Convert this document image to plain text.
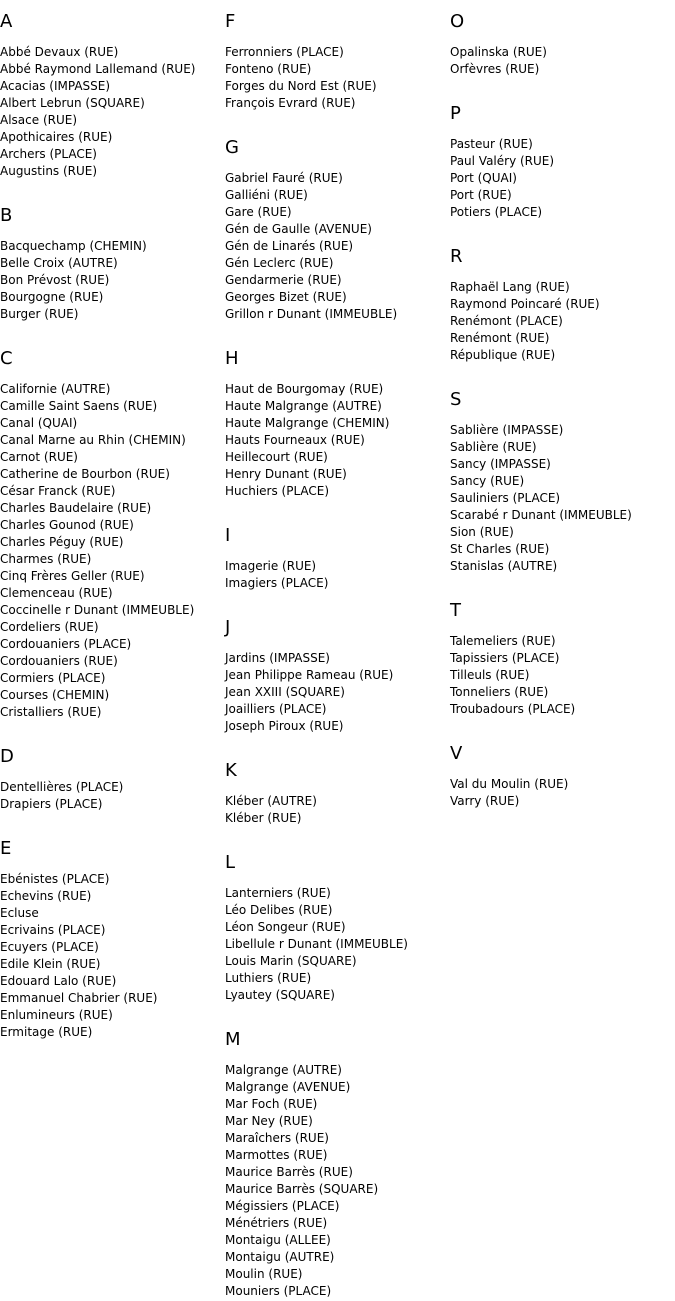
A
Abbé Devaux (RUE)
Abbé Raymond Lallemand (RUE)
Acacias (IMPASSE)
Albert Lebrun (SQUARE)
Alsace (RUE)
Apothicaires (RUE)
Archers (PLACE)
Augustins (RUE)
B
Bacquechamp (CHEMIN)
Belle Croix (AUTRE)
Bon Prévost (RUE)
Bourgogne (RUE)
Burger (RUE)
C
Californie (AUTRE)
Camille Saint Saens (RUE)
Canal (QUAI)
Canal Marne au Rhin (CHEMIN)
Carnot (RUE)
Catherine de Bourbon (RUE)
César Franck (RUE)
Charles Baudelaire (RUE)
Charles Gounod (RUE)
Charles Péguy (RUE)
Charmes (RUE)
Cinq Frères Geller (RUE)
Clemenceau (RUE)
Coccinelle r Dunant (IMMEUBLE)
Cordeliers (RUE)
Cordouaniers (PLACE)
Cordouaniers (RUE)
Cormiers (PLACE)
Courses (CHEMIN)
Cristalliers (RUE)
D
Dentellières (PLACE)
Drapiers (PLACE)
E
Ebénistes (PLACE)
Echevins (RUE)
Ecluse
Ecrivains (PLACE)
Ecuyers (PLACE)
Edile Klein (RUE)
Edouard Lalo (RUE)
Emmanuel Chabrier (RUE)
Enlumineurs (RUE)
Ermitage (RUE)
F
Ferronniers (PLACE)
Fonteno (RUE)
Forges du Nord Est (RUE)
François Evrard (RUE)
G
Gabriel Fauré (RUE)
Galliéni (RUE)
Gare (RUE)
Gén de Gaulle (AVENUE)
Gén de Linarés (RUE)
Gén Leclerc (RUE)
Gendarmerie (RUE)
Georges Bizet (RUE)
Grillon r Dunant (IMMEUBLE)
H
Haut de Bourgomay (RUE)
Haute Malgrange (AUTRE)
Haute Malgrange (CHEMIN)
Hauts Fourneaux (RUE)
Heillecourt (RUE)
Henry Dunant (RUE)
Huchiers (PLACE)
I
Imagerie (RUE)
Imagiers (PLACE)
J
Jardins (IMPASSE)
Jean Philippe Rameau (RUE)
Jean XXIII (SQUARE)
Joailliers (PLACE)
Joseph Piroux (RUE)
K
Kléber (AUTRE)
Kléber (RUE)
L
Lanterniers (RUE)
Léo Delibes (RUE)
Léon Songeur (RUE)
Libellule r Dunant (IMMEUBLE)
Louis Marin (SQUARE)
Luthiers (RUE)
Lyautey (SQUARE)
M
Malgrange (AUTRE)
Malgrange (AVENUE)
Mar Foch (RUE)
Mar Ney (RUE)
Maraîchers (RUE)
Marmottes (RUE)
Maurice Barrès (RUE)
Maurice Barrès (SQUARE)
Mégissiers (PLACE)
Ménétriers (RUE)
Montaigu (ALLEE)
Montaigu (AUTRE)
Moulin (RUE)
Mouniers (PLACE)
O
Opalinska (RUE)
Orfèvres (RUE)
P
Pasteur (RUE)
Paul Valéry (RUE)
Port (QUAI)
Port (RUE)
Potiers (PLACE)
R
Raphaël Lang (RUE)
Raymond Poincaré (RUE)
Renémont (PLACE)
Renémont (RUE)
République (RUE)
S
Sablière (IMPASSE)
Sablière (RUE)
Sancy (IMPASSE)
Sancy (RUE)
Sauliniers (PLACE)
Scarabé r Dunant (IMMEUBLE)
Sion (RUE)
St Charles (RUE)
Stanislas (AUTRE)
T
Talemeliers (RUE)
Tapissiers (PLACE)
Tilleuls (RUE)
Tonneliers (RUE)
Troubadours (PLACE)
V
Val du Moulin (RUE)
Varry (RUE)
